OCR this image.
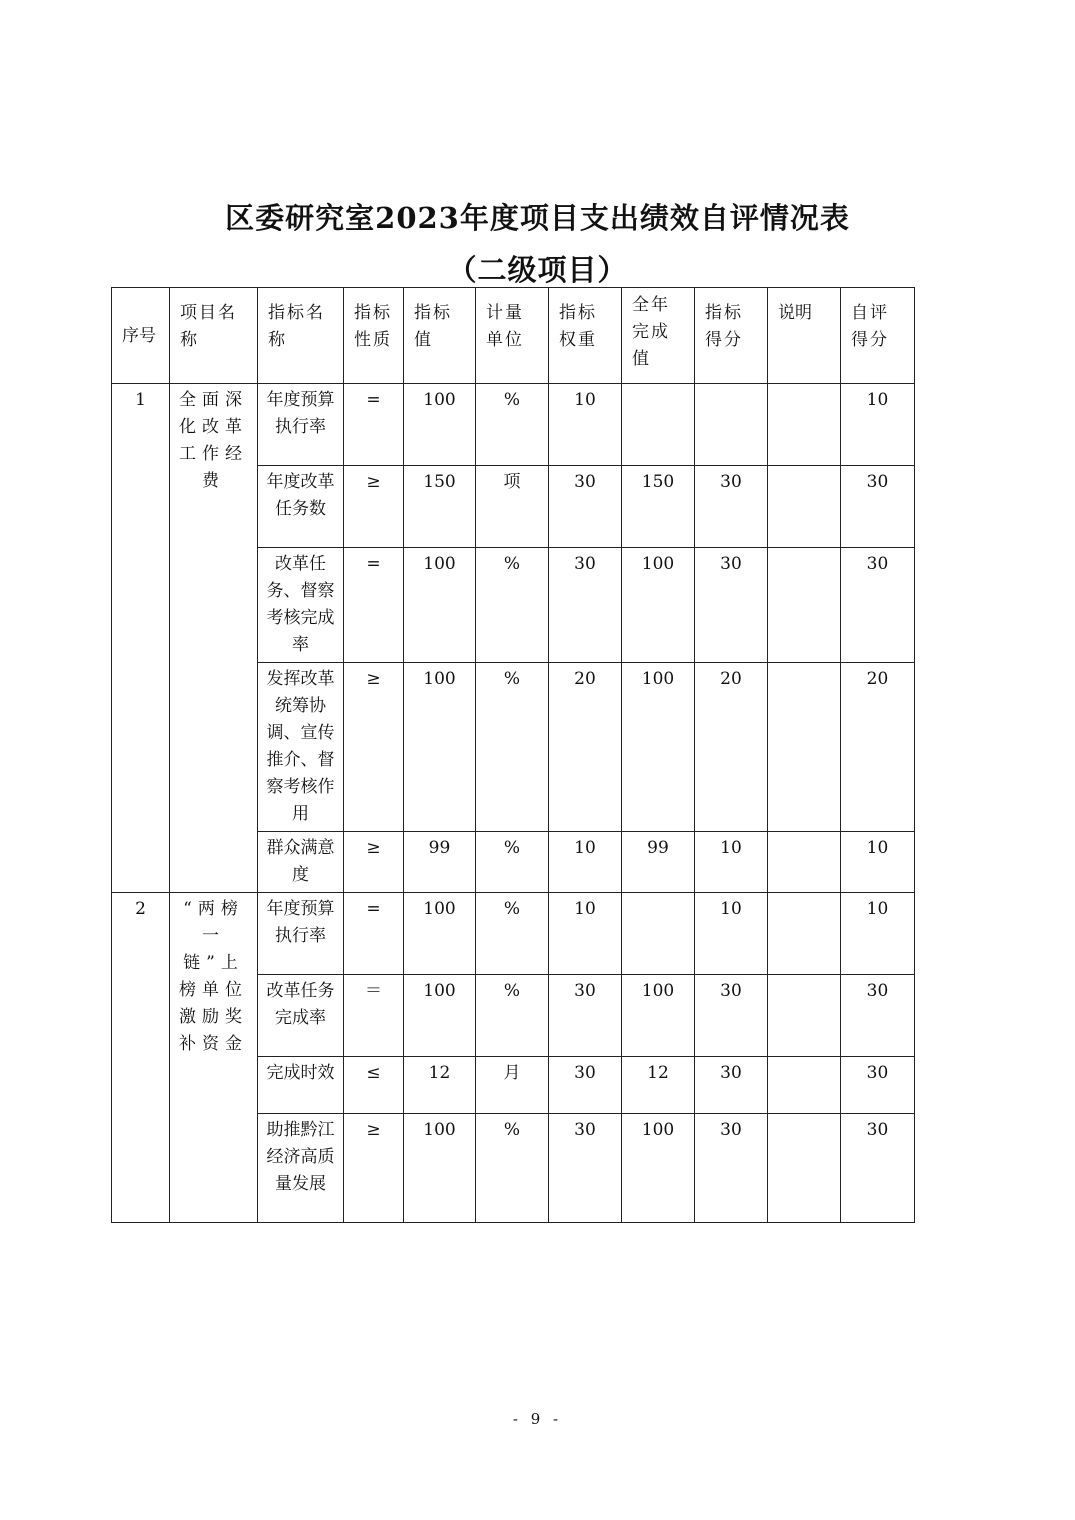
区委研究室2023年度项目支出绩效自评情况表
（二级项目）
序号	项目名称	指标名称	指标性质	指标值	计量单位	指标权重	全年完成值	指标得分	说明	自评得分
1	全面深化改革工作经费	年度预算执行率	=	100	%	10				10
		年度改革任务数	≥	150	项	30	150	30		30
		改革任务、督察考核完成率	=	100	%	30	100	30		30
		发挥改革统筹协调、宣传推介、督察考核作用	≥	100	%	20	100	20		20
		群众满意度	≥	99	%	10	99	10		10
2	“两榜一链”上榜单位激励奖补资金	年度预算执行率	=	100	%	10		10		10
		改革任务完成率	＝	100	%	30	100	30		30
		完成时效	≤	12	月	30	12	30		30
		助推黔江经济高质量发展	≥	100	%	30	100	30		30
- 9 -
